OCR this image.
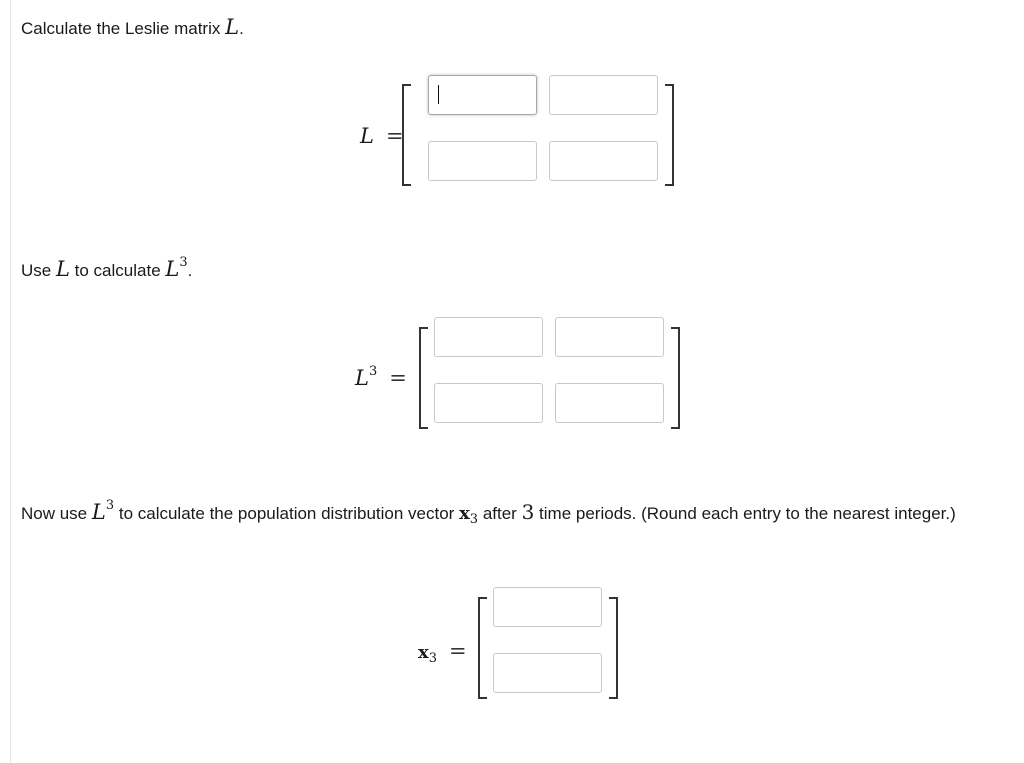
Calculate the Leslie matrix L.

L =

Use L to calculate $L^3$.

$L^3$ =

Now use $L^3$ to calculate the population distribution vector $x_3$ after 3 time periods. (Round each entry to the nearest integer.)

$x_3$ =
